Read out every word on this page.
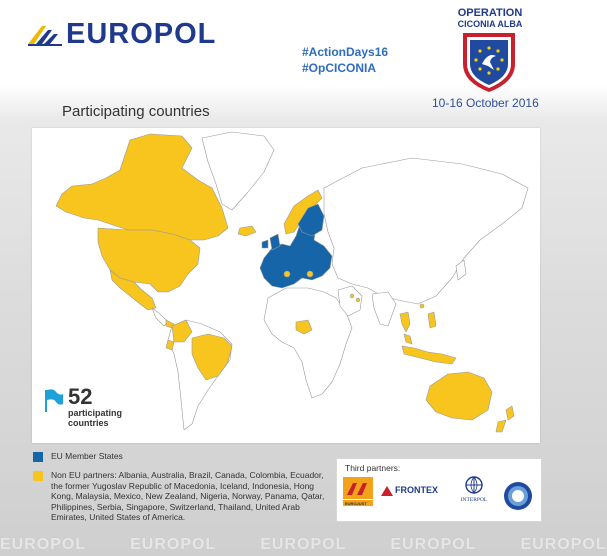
EUROPOL
#ActionDays16
#OpCICONIA
OPERATION
CICONIA ALBA
10-16 October 2016
Participating countries
52
participating
countries
EU Member States
Non EU partners: Albania, Australia, Brazil, Canada, Colombia, Ecuador, the former Yugoslav Republic of Macedonia, Iceland, Indonesia, Hong Kong, Malaysia, Mexico, New Zealand, Nigeria, Norway, Panama, Qatar, Philippines, Serbia, Singapore, Switzerland, Thailand, United Arab Emirates, United States of America.
Third partners:
EUROJUST
FRONTEX
INTERPOL
EUROPOL	EUROPOL	EUROPOL	EUROPOL	EUROPOL
